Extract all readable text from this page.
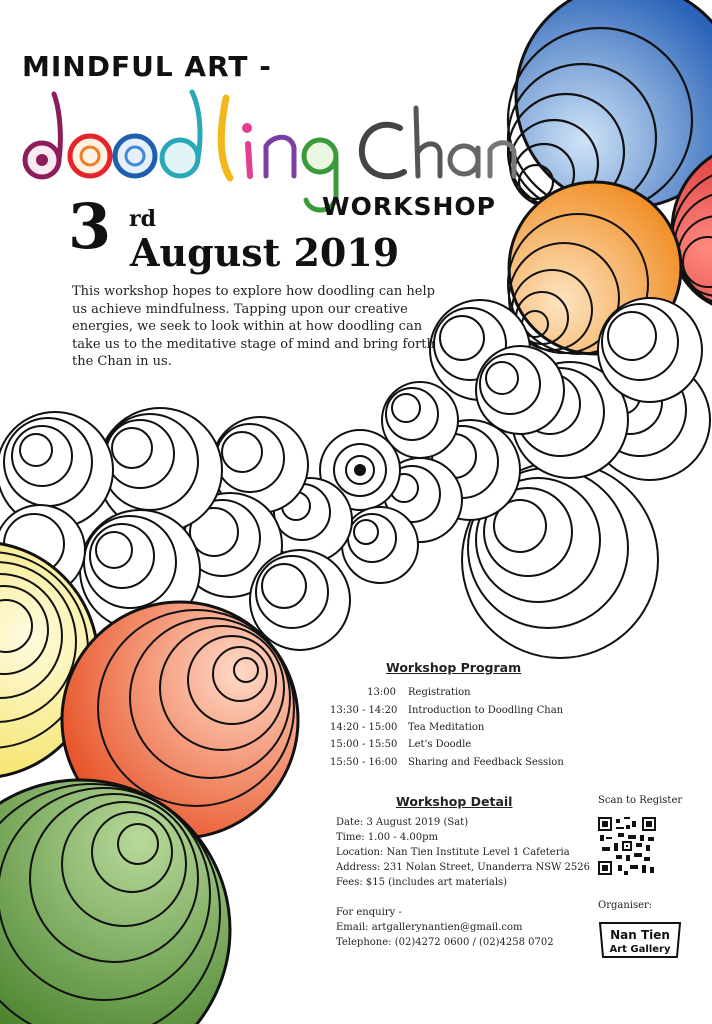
MINDFUL ART -
WORKSHOP
3 rd
August 2019
This workshop hopes to explore how doodling can help us achieve mindfulness. Tapping upon our creative energies, we seek to look within at how doodling can take us to the meditative stage of mind and bring forth the Chan in us.
Workshop Program
13:00	Registration
13:30 - 14:20	Introduction to Doodling Chan
14:20 - 15:00	Tea Meditation
15:00 - 15:50	Let's Doodle
15:50 - 16:00	Sharing and Feedback Session
Workshop Detail
Date: 3 August 2019 (Sat)
Time: 1.00 - 4.00pm
Location: Nan Tien Institute Level 1 Cafeteria
Address: 231 Nolan Street, Unanderra NSW 2526
Fees: $15 (includes art materials)
For enquiry -
Email: artgallerynantien@gmail.com
Telephone: (02)4272 0600 / (02)4258 0702
Scan to Register
Organiser:
Nan Tien
Art Gallery
